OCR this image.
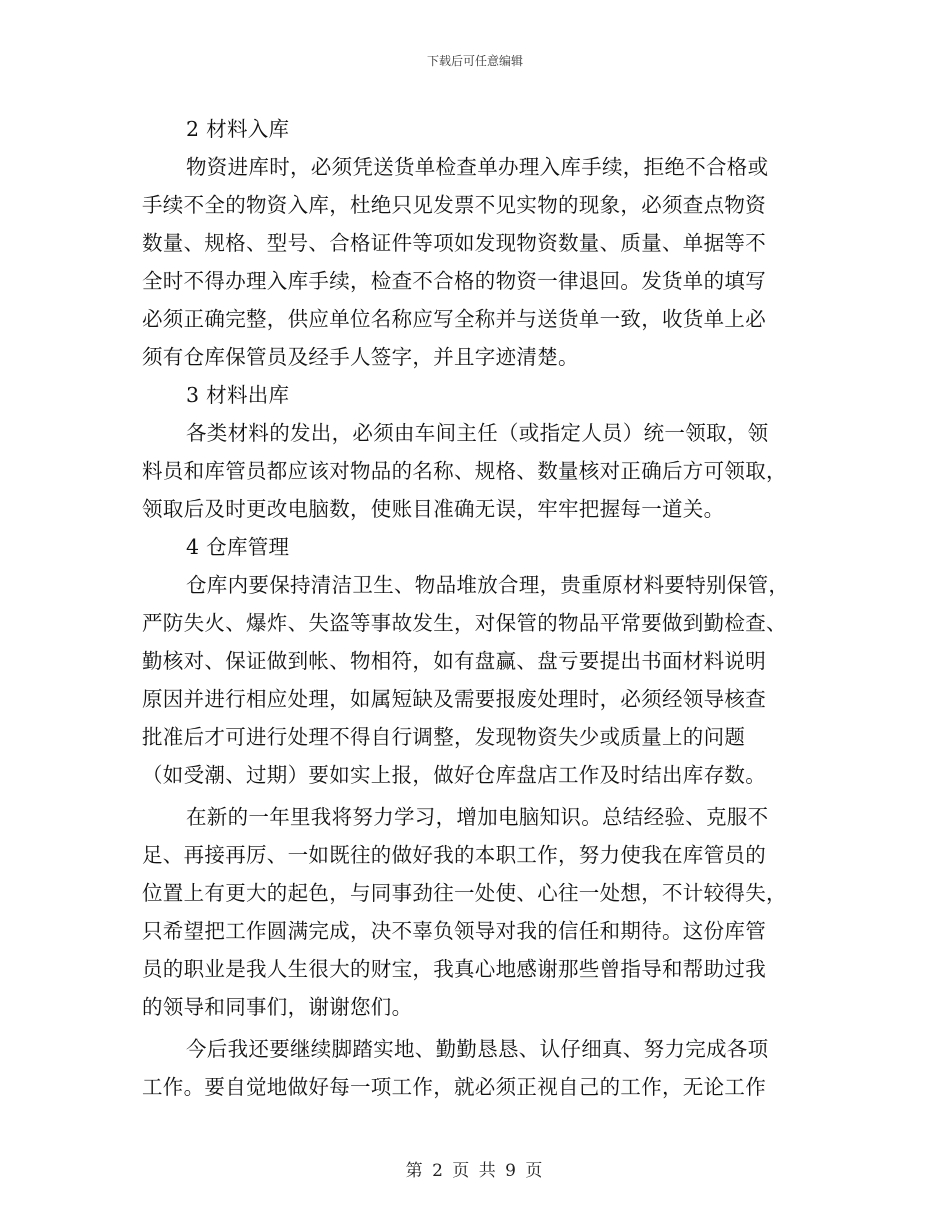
下载后可任意编辑
2 材料入库
物资进库时，必须凭送货单检查单办理入库手续，拒绝不合格或
手续不全的物资入库，杜绝只见发票不见实物的现象，必须查点物资
数量、规格、型号、合格证件等项如发现物资数量、质量、单据等不
全时不得办理入库手续，检查不合格的物资一律退回。发货单的填写
必须正确完整，供应单位名称应写全称并与送货单一致，收货单上必
须有仓库保管员及经手人签字，并且字迹清楚。
3 材料出库
各类材料的发出，必须由车间主任（或指定人员）统一领取，领
料员和库管员都应该对物品的名称、规格、数量核对正确后方可领取，
领取后及时更改电脑数，使账目准确无误，牢牢把握每一道关。
4 仓库管理
仓库内要保持清洁卫生、物品堆放合理，贵重原材料要特别保管，
严防失火、爆炸、失盗等事故发生，对保管的物品平常要做到勤检查、
勤核对、保证做到帐、物相符，如有盘赢、盘亏要提出书面材料说明
原因并进行相应处理，如属短缺及需要报废处理时，必须经领导核查
批准后才可进行处理不得自行调整，发现物资失少或质量上的问题
（如受潮、过期）要如实上报，做好仓库盘店工作及时结出库存数。
在新的一年里我将努力学习，增加电脑知识。总结经验、克服不
足、再接再厉、一如既往的做好我的本职工作，努力使我在库管员的
位置上有更大的起色，与同事劲往一处使、心往一处想，不计较得失，
只希望把工作圆满完成，决不辜负领导对我的信任和期待。这份库管
员的职业是我人生很大的财宝，我真心地感谢那些曾指导和帮助过我
的领导和同事们，谢谢您们。
今后我还要继续脚踏实地、勤勤恳恳、认仔细真、努力完成各项
工作。要自觉地做好每一项工作，就必须正视自己的工作，无论工作
第 2 页 共 9 页
